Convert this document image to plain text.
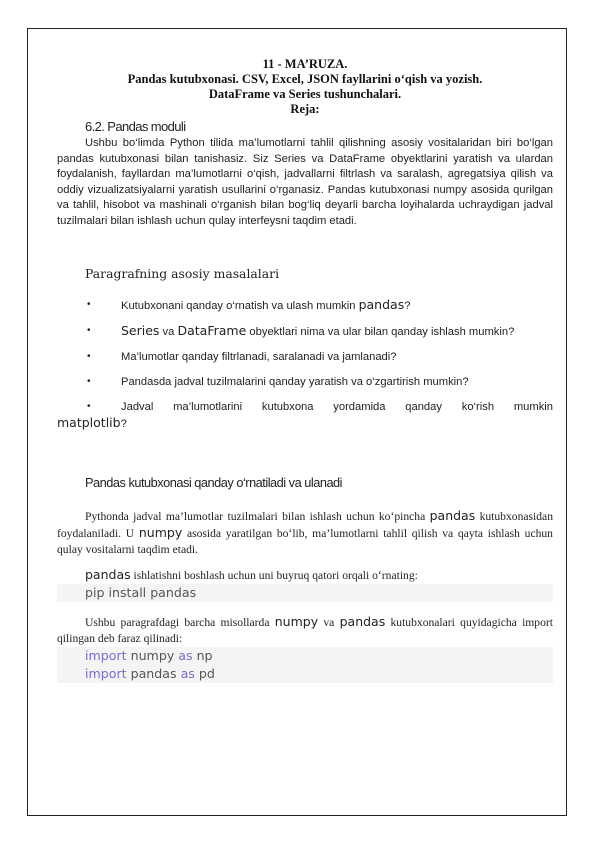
11 - MA’RUZA.
Pandas kutubxonasi. CSV, Excel, JSON fayllarini o‘qish va yozish.
DataFrame va Series tushunchalari.
Reja:
6.2. Pandas moduli

Ushbu bo‘limda Python tilida ma’lumotlarni tahlil qilishning asosiy vositalaridan biri bo‘lgan pandas kutubxonasi bilan tanishasiz. Siz Series va DataFrame obyektlarini yaratish va ulardan foydalanish, fayllardan ma’lumotlarni o‘qish, jadvallarni filtrlash va saralash, agregatsiya qilish va oddiy vizualizatsiyalarni yaratish usullarini o‘rganasiz. Pandas kutubxonasi numpy asosida qurilgan va tahlil, hisobot va mashinali o‘rganish bilan bog‘liq deyarli barcha loyihalarda uchraydigan jadval tuzilmalari bilan ishlash uchun qulay interfeysni taqdim etadi.

Paragrafning asosiy masalalari
• Kutubxonani qanday o‘rnatish va ulash mumkin pandas?
• Series va DataFrame obyektlari nima va ular bilan qanday ishlash mumkin?
• Ma’lumotlar qanday filtrlanadi, saralanadi va jamlanadi?
• Pandasda jadval tuzilmalarini qanday yaratish va o‘zgartirish mumkin?
• Jadval ma’lumotlarini kutubxona yordamida qanday ko‘rish mumkin
matplotlib?
Pandas kutubxonasi qanday o‘rnatiladi va ulanadi

Pythonda jadval ma’lumotlar tuzilmalari bilan ishlash uchun ko‘pincha pandas kutubxonasidan foydalaniladi. U numpy asosida yaratilgan bo‘lib, ma’lumotlarni tahlil qilish va qayta ishlash uchun qulay vositalarni taqdim etadi.

pandas ishlatishni boshlash uchun uni buyruq qatori orqali o‘rnating:

pip install pandas

Ushbu paragrafdagi barcha misollarda numpy va pandas kutubxonalari quyidagicha import qilingan deb faraz qilinadi:

import numpy as np
import pandas as pd
